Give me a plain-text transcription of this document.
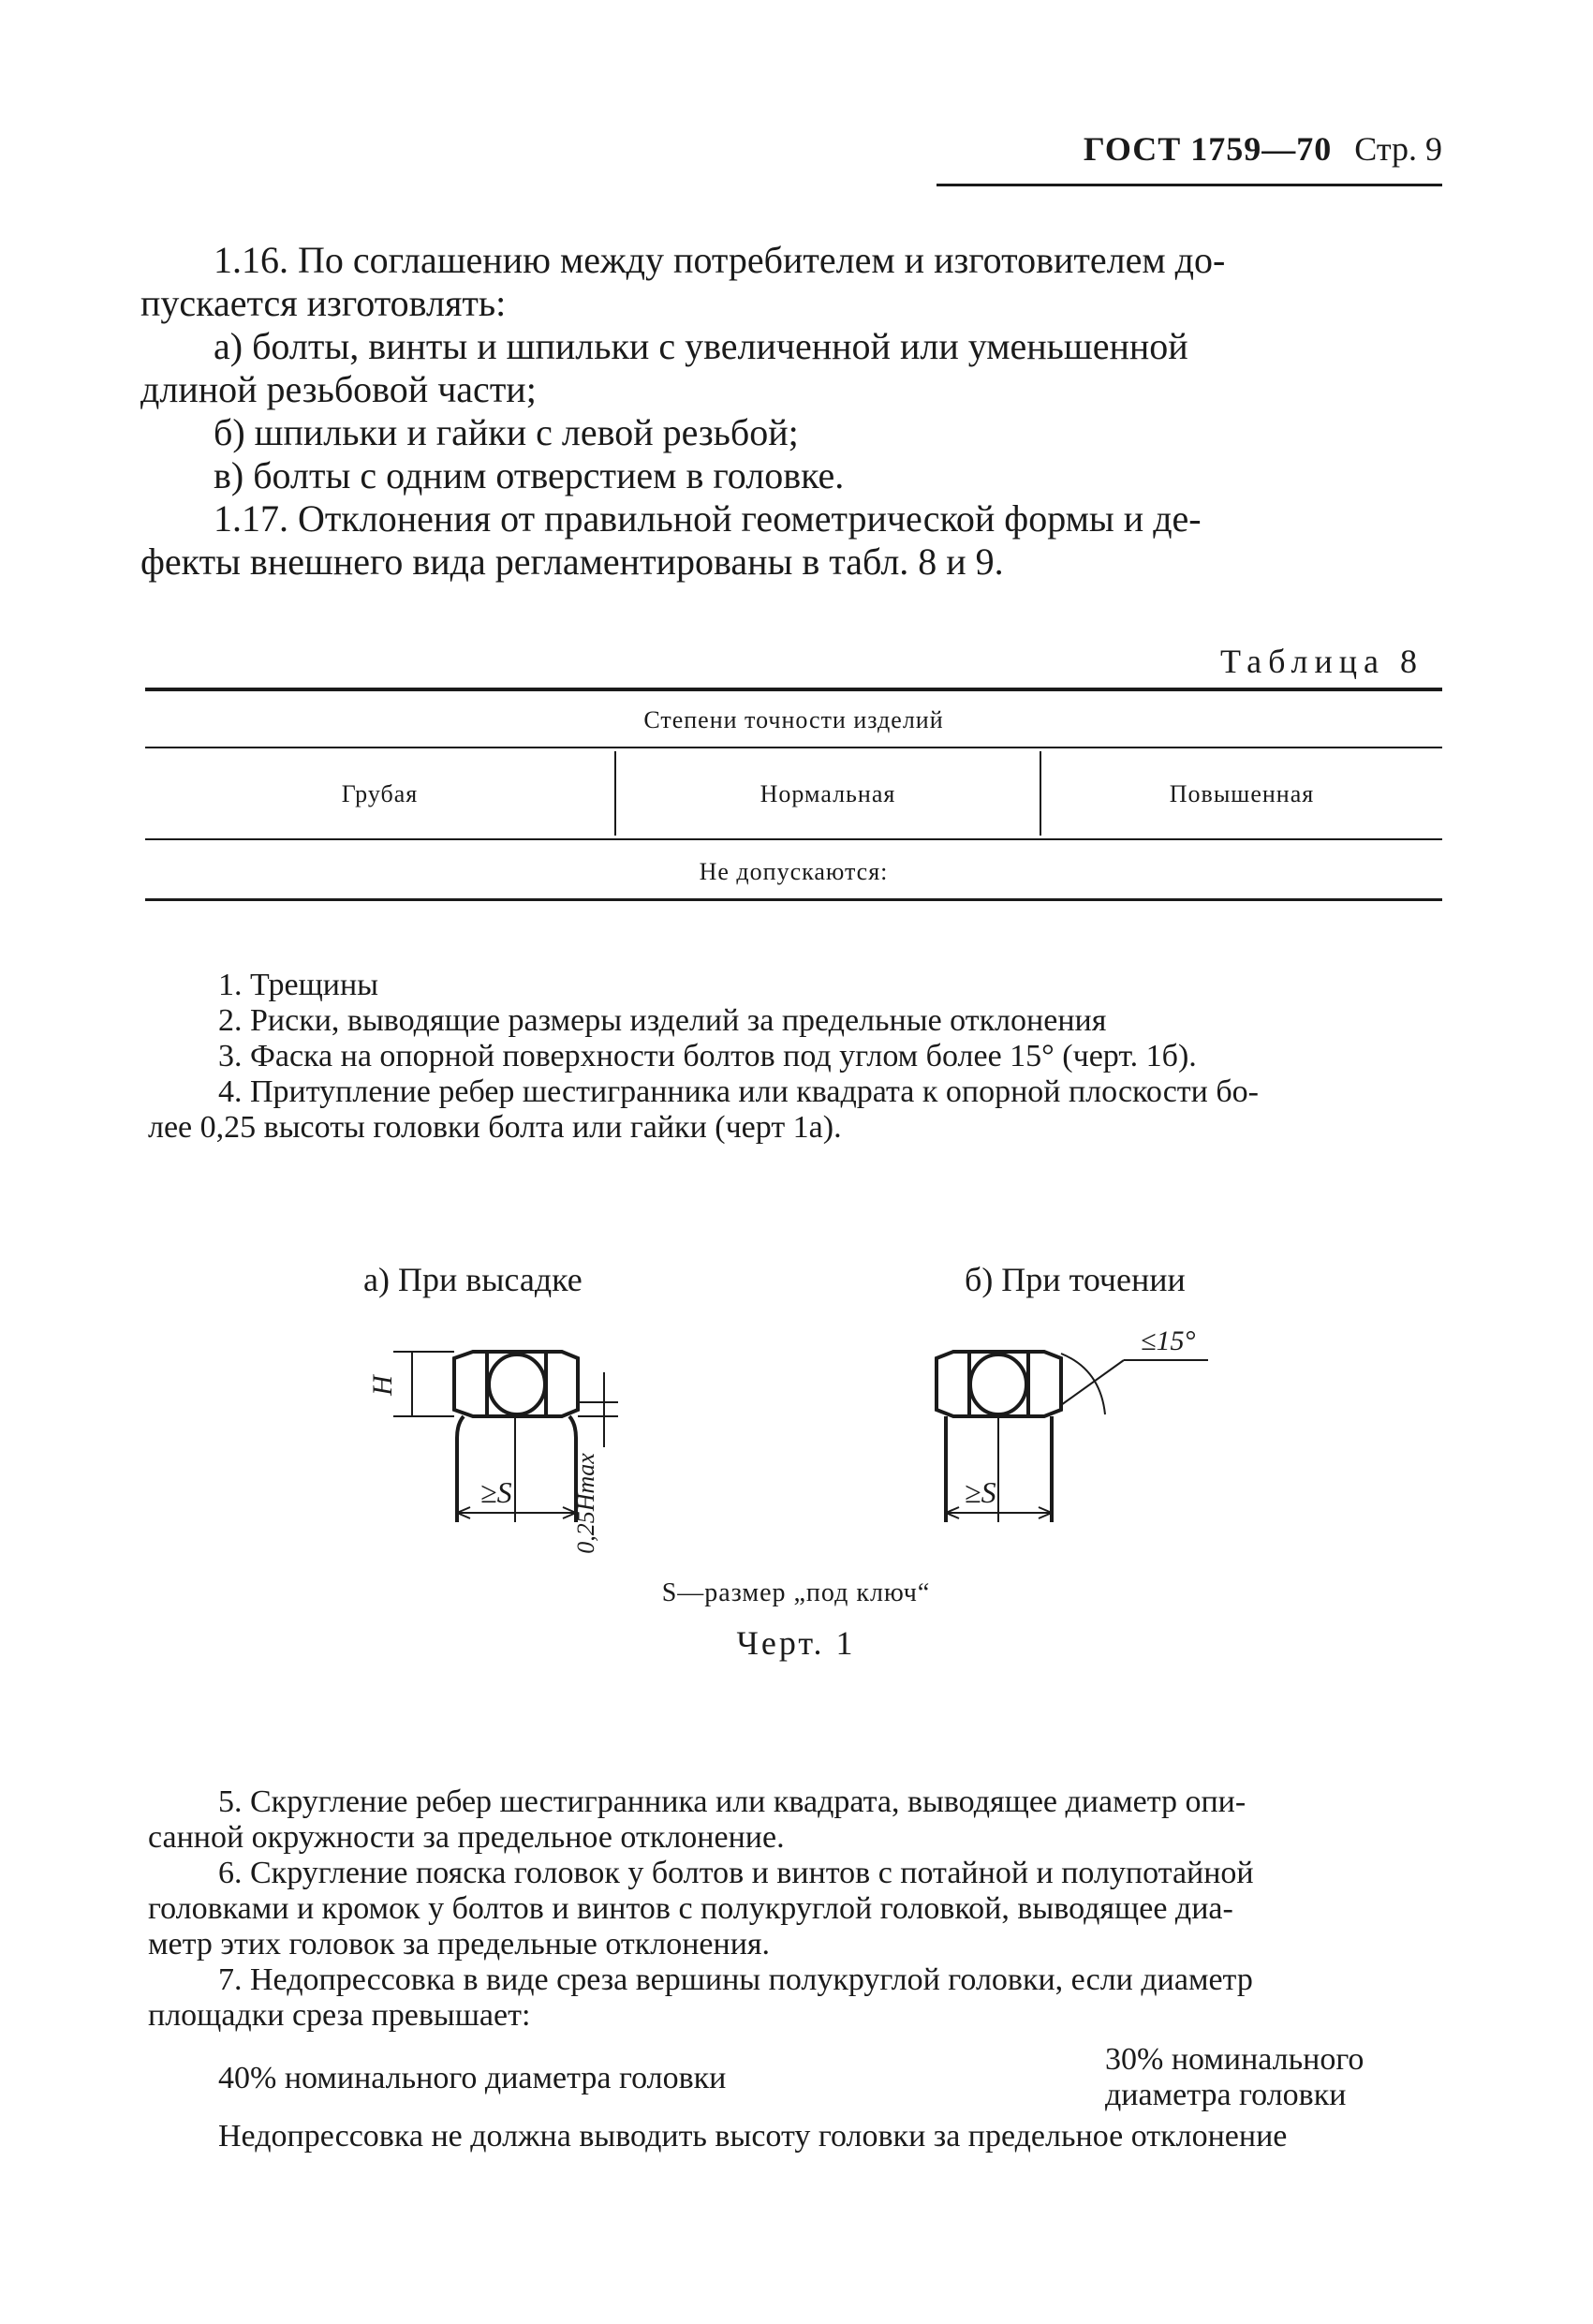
ГОСТ 1759—70 Стр. 9
1.16. По соглашению между потребителем и изготовителем до-
пускается изготовлять:
а) болты, винты и шпильки с увеличенной или уменьшенной
длиной резьбовой части;
б) шпильки и гайки с левой резьбой;
в) болты с одним отверстием в головке.
1.17. Отклонения от правильной геометрической формы и де-
фекты внешнего вида регламентированы в табл. 8 и 9.
Таблица 8
Степени точности изделий
Грубая	Нормальная	Повышенная
Не допускаются:
1. Трещины
2. Риски, выводящие размеры изделий за предельные отклонения
3. Фаска на опорной поверхности болтов под углом более 15° (черт. 1б).
4. Притупление ребер шестигранника или квадрата к опорной плоскости бо-
лее 0,25 высоты головки болта или гайки (черт 1а).
а) При высадке	б) При точении
H
≥S	≥S
0,25Hmax
≤15°
S—размер „под ключ“
Черт. 1
5. Скругление ребер шестигранника или квадрата, выводящее диаметр опи-
санной окружности за предельное отклонение.
6. Скругление пояска головок у болтов и винтов с потайной и полупотайной
головками и кромок у болтов и винтов с полукруглой головкой, выводящее диа-
метр этих головок за предельные отклонения.
7. Недопрессовка в виде среза вершины полукруглой головки, если диаметр
площадки среза превышает:
40% номинального диаметра головки
30% номинального
диаметра головки
Недопрессовка не должна выводить высоту головки за предельное отклонение
